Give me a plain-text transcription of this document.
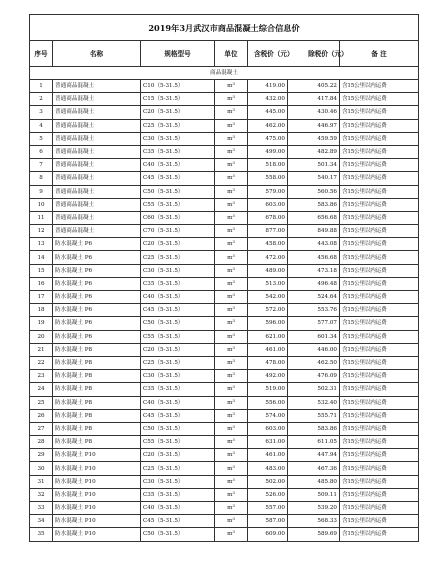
2019年3月武汉市商品混凝土综合信息价						
序号	名称	规格型号	单位	含税价（元） 除税价（元）		备 注
商品混凝土						
1	普通商品混凝土	C10（5-31.5）	$m^3$	419.00	405.22	含15公里以内运费
2	普通商品混凝土	C15（5-31.5）	$m^3$	432.00	417.84	含15公里以内运费
3	普通商品混凝土	C20（5-31.5）	$m^3$	445.00	430.46	含15公里以内运费
4	普通商品混凝土	C25（5-31.5）	$m^3$	462.00	446.97	含15公里以内运费
5	普通商品混凝土	C30（5-31.5）	$m^3$	475.00	459.59	含15公里以内运费
6	普通商品混凝土	C35（5-31.5）	$m^3$	499.00	482.89	含15公里以内运费
7	普通商品混凝土	C40（5-31.5）	$m^3$	518.00	501.34	含15公里以内运费
8	普通商品混凝土	C45（5-31.5）	$m^3$	558.00	540.17	含15公里以内运费
9	普通商品混凝土	C50（5-31.5）	$m^3$	579.00	560.56	含15公里以内运费
10	普通商品混凝土	C55（5-31.5）	$m^3$	603.00	583.86	含15公里以内运费
11	普通商品混凝土	C60（5-31.5）	$m^3$	678.00	656.68	含15公里以内运费
12	普通商品混凝土	C70（5-31.5）	$m^3$	877.00	849.88	含15公里以内运费
13	防水混凝土 P6	C20（5-31.5）	$m^3$	458.00	443.08	含15公里以内运费
14	防水混凝土 P6	C25（5-31.5）	$m^3$	472.00	456.68	含15公里以内运费
15	防水混凝土 P6	C30（5-31.5）	$m^3$	489.00	473.18	含15公里以内运费
16	防水混凝土 P6	C35（5-31.5）	$m^3$	513.00	496.48	含15公里以内运费
17	防水混凝土 P6	C40（5-31.5）	$m^3$	542.00	524.64	含15公里以内运费
18	防水混凝土 P6	C45（5-31.5）	$m^3$	572.00	553.76	含15公里以内运费
19	防水混凝土 P6	C50（5-31.5）	$m^3$	596.00	577.07	含15公里以内运费
20	防水混凝土 P6	C55（5-31.5）	$m^3$	621.00	601.34	含15公里以内运费
21	防水混凝土 P8	C20（5-31.5）	$m^3$	461.00	446.00	含15公里以内运费
22	防水混凝土 P8	C25（5-31.5）	$m^3$	478.00	462.50	含15公里以内运费
23	防水混凝土 P8	C30（5-31.5）	$m^3$	492.00	476.09	含15公里以内运费
24	防水混凝土 P8	C35（5-31.5）	$m^3$	519.00	502.31	含15公里以内运费
25	防水混凝土 P8	C40（5-31.5）	$m^3$	556.00	532.40	含15公里以内运费
26	防水混凝土 P8	C45（5-31.5）	$m^3$	574.00	555.71	含15公里以内运费
27	防水混凝土 P8	C50（5-31.5）	$m^3$	603.00	583.86	含15公里以内运费
28	防水混凝土 P8	C55（5-31.5）	$m^3$	631.00	611.05	含15公里以内运费
29	防水混凝土 P10	C20（5-31.5）	$m^3$	461.00	447.94	含15公里以内运费
30	防水混凝土 P10	C25（5-31.5）	$m^3$	483.00	467.36	含15公里以内运费
31	防水混凝土 P10	C30（5-31.5）	$m^3$	502.00	485.80	含15公里以内运费
32	防水混凝土 P10	C35（5-31.5）	$m^3$	526.00	509.11	含15公里以内运费
33	防水混凝土 P10	C40（5-31.5）	$m^3$	557.00	539.20	含15公里以内运费
34	防水混凝土 P10	C45（5-31.5）	$m^3$	587.00	568.33	含15公里以内运费
35	防水混凝土 P10	C50（5-31.5）	$m^3$	609.00	589.69	含15公里以内运费
